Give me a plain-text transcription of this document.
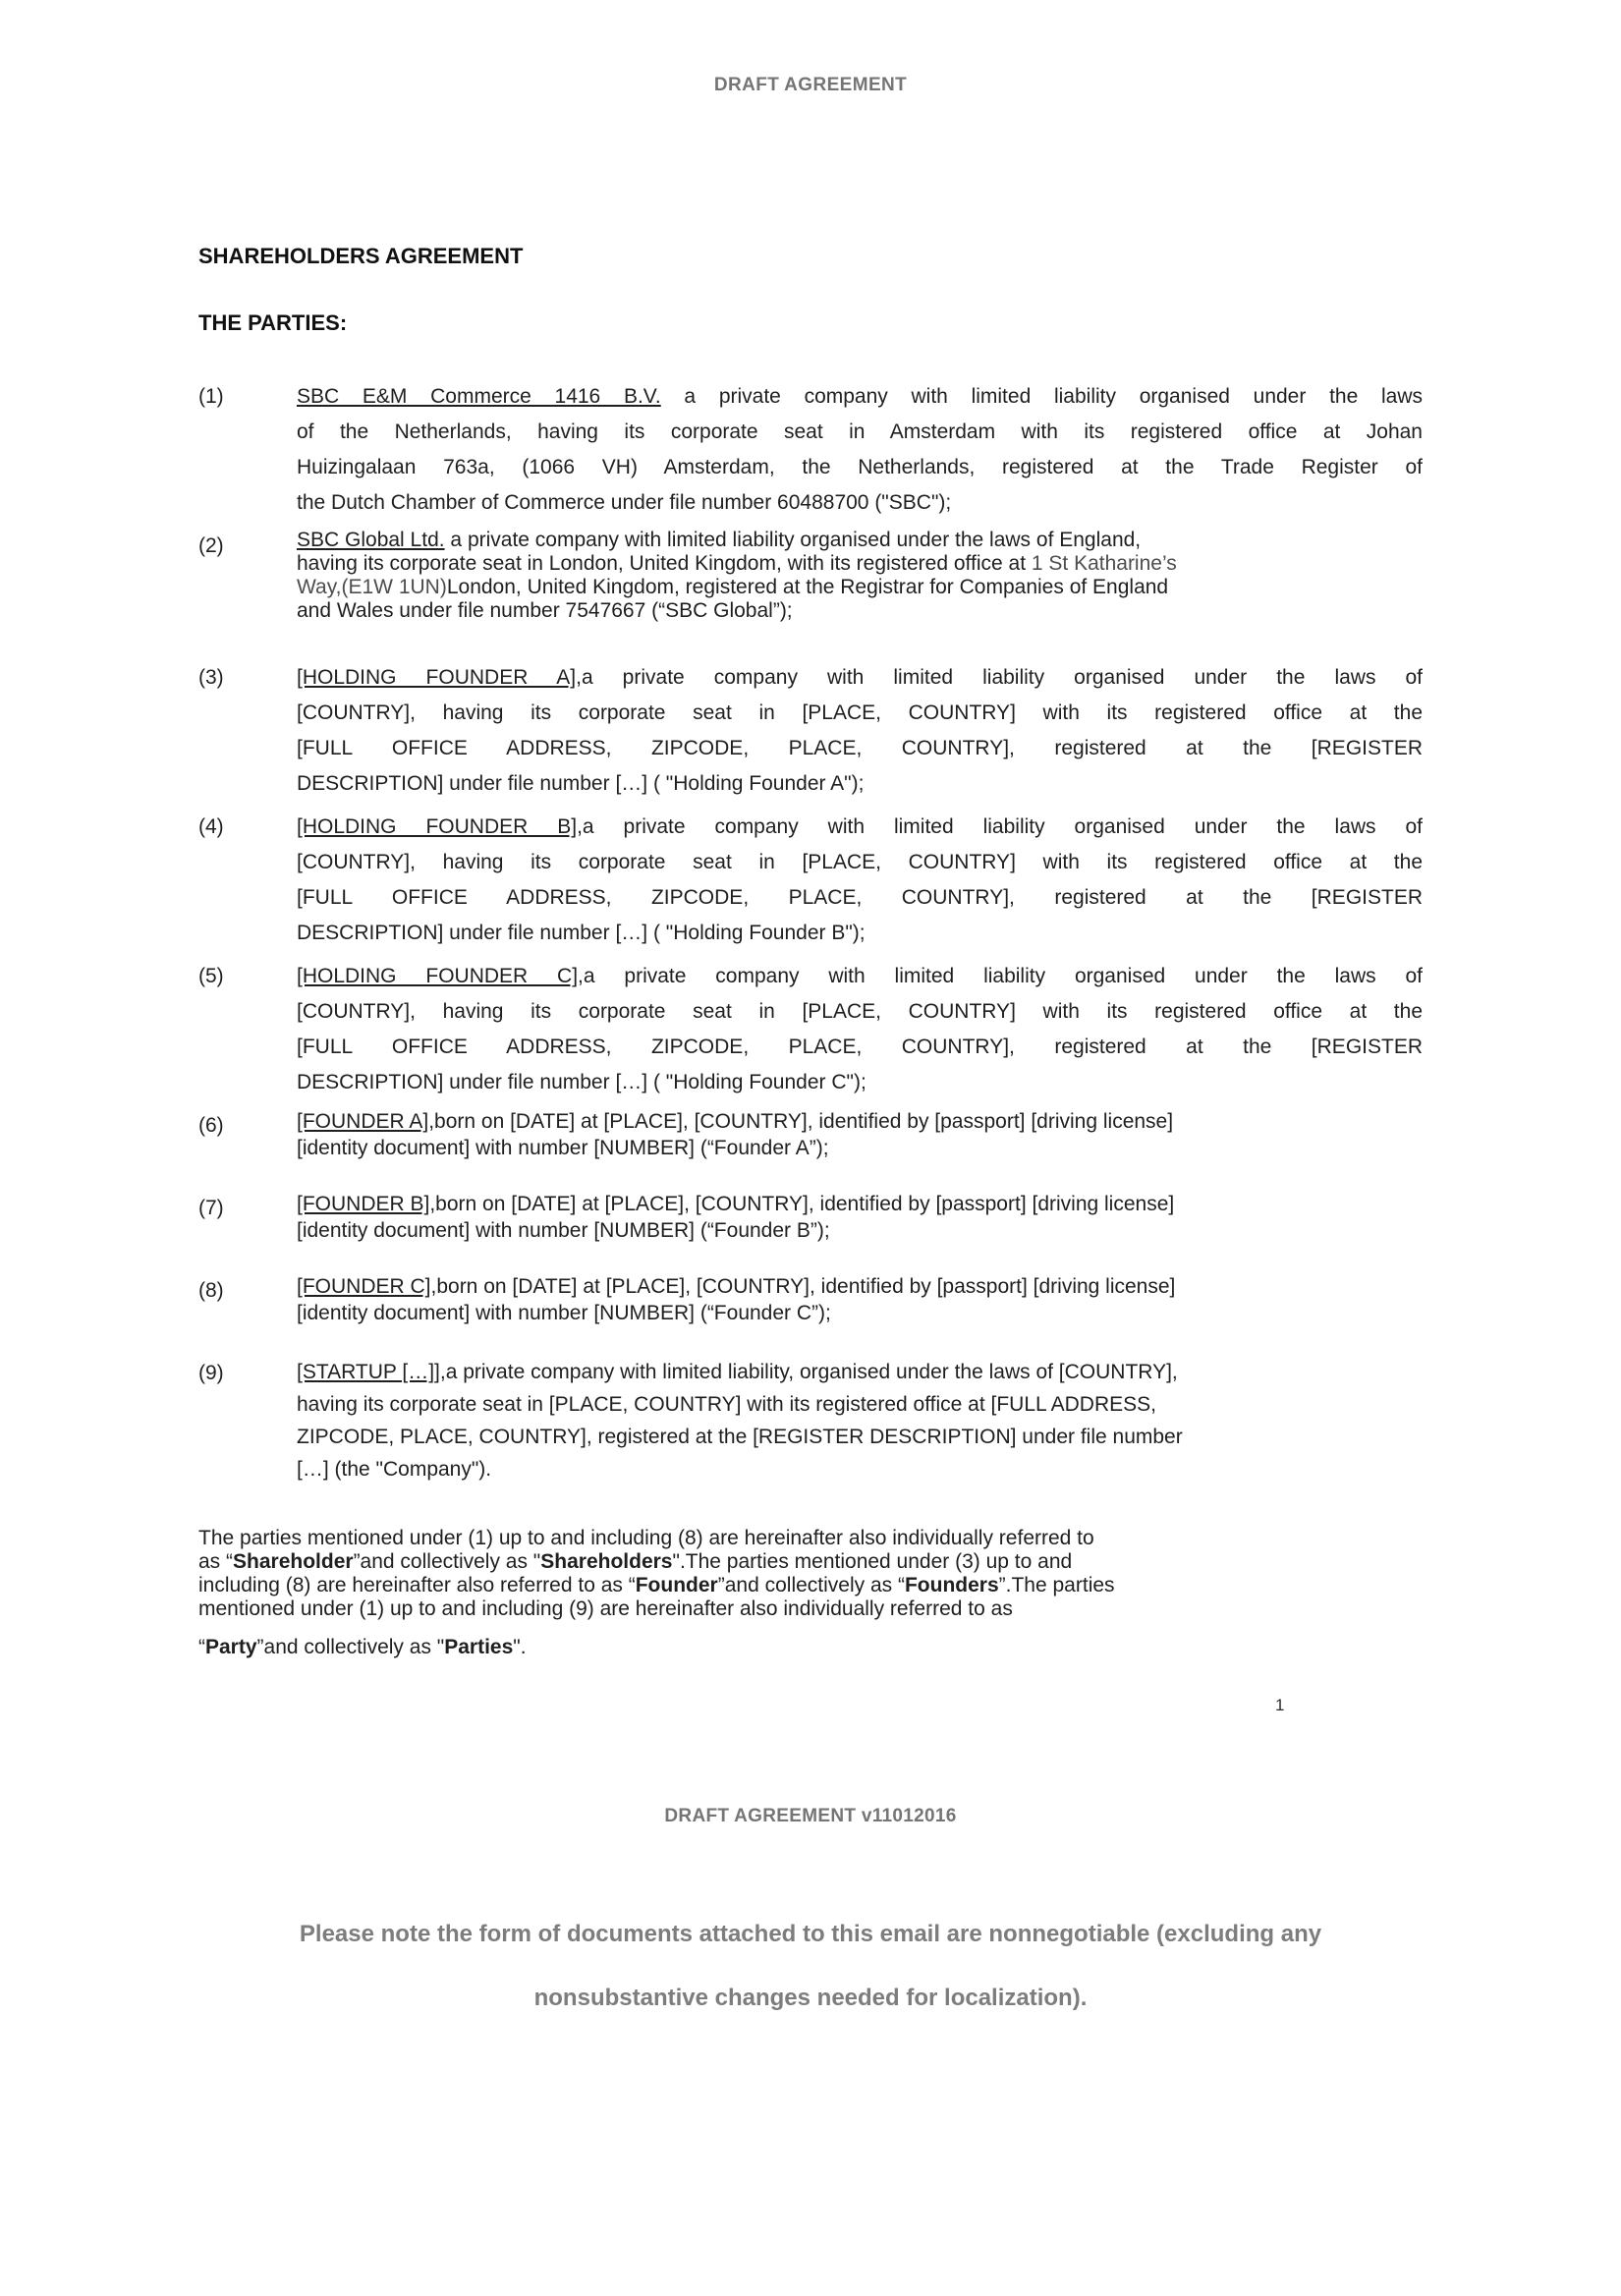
DRAFT AGREEMENT
SHAREHOLDERS AGREEMENT
THE PARTIES:
(1)	SBC E&M Commerce 1416 B.V. a private company with limited liability organised under the laws
of the Netherlands, having its corporate seat in Amsterdam with its registered office at Johan
Huizingalaan 763a, (1066 VH) Amsterdam, the Netherlands, registered at the Trade Register of
the Dutch Chamber of Commerce under file number 60488700 ("SBC");
(2)	SBC Global Ltd. a private company with limited liability organised under the laws of England,
having its corporate seat in London, United Kingdom, with its registered office at 1 St Katharine’s
Way,(E1W 1UN)London, United Kingdom, registered at the Registrar for Companies of England
and Wales under file number 7547667 (“SBC Global”);
(3)	[HOLDING FOUNDER A],a private company with limited liability organised under the laws of
[COUNTRY], having its corporate seat in [PLACE, COUNTRY] with its registered office at the
[FULL OFFICE ADDRESS, ZIPCODE, PLACE, COUNTRY], registered at the [REGISTER
DESCRIPTION] under file number […] ( "Holding Founder A");
(4)	[HOLDING FOUNDER B],a private company with limited liability organised under the laws of
[COUNTRY], having its corporate seat in [PLACE, COUNTRY] with its registered office at the
[FULL OFFICE ADDRESS, ZIPCODE, PLACE, COUNTRY], registered at the [REGISTER
DESCRIPTION] under file number […] ( "Holding Founder B");
(5)	[HOLDING FOUNDER C],a private company with limited liability organised under the laws of
[COUNTRY], having its corporate seat in [PLACE, COUNTRY] with its registered office at the
[FULL OFFICE ADDRESS, ZIPCODE, PLACE, COUNTRY], registered at the [REGISTER
DESCRIPTION] under file number […] ( "Holding Founder C");
(6)	[FOUNDER A],born on [DATE] at [PLACE], [COUNTRY], identified by [passport] [driving license]
[identity document] with number [NUMBER] (“Founder A”);
(7)	[FOUNDER B],born on [DATE] at [PLACE], [COUNTRY], identified by [passport] [driving license]
[identity document] with number [NUMBER] (“Founder B”);
(8)	[FOUNDER C],born on [DATE] at [PLACE], [COUNTRY], identified by [passport] [driving license]
[identity document] with number [NUMBER] (“Founder C”);
(9)	[STARTUP […]],a private company with limited liability, organised under the laws of [COUNTRY],
having its corporate seat in [PLACE, COUNTRY] with its registered office at [FULL ADDRESS,
ZIPCODE, PLACE, COUNTRY], registered at the [REGISTER DESCRIPTION] under file number
[…] (the "Company").
The parties mentioned under (1) up to and including (8) are hereinafter also individually referred to
as “Shareholder”and collectively as "Shareholders".The parties mentioned under (3) up to and
including (8) are hereinafter also referred to as “Founder”and collectively as “Founders”.The parties
mentioned under (1) up to and including (9) are hereinafter also individually referred to as
“Party”and collectively as "Parties".
1
DRAFT AGREEMENT v11012016
Please note the form of documents attached to this email are nonnegotiable (excluding any
nonsubstantive changes needed for localization).
